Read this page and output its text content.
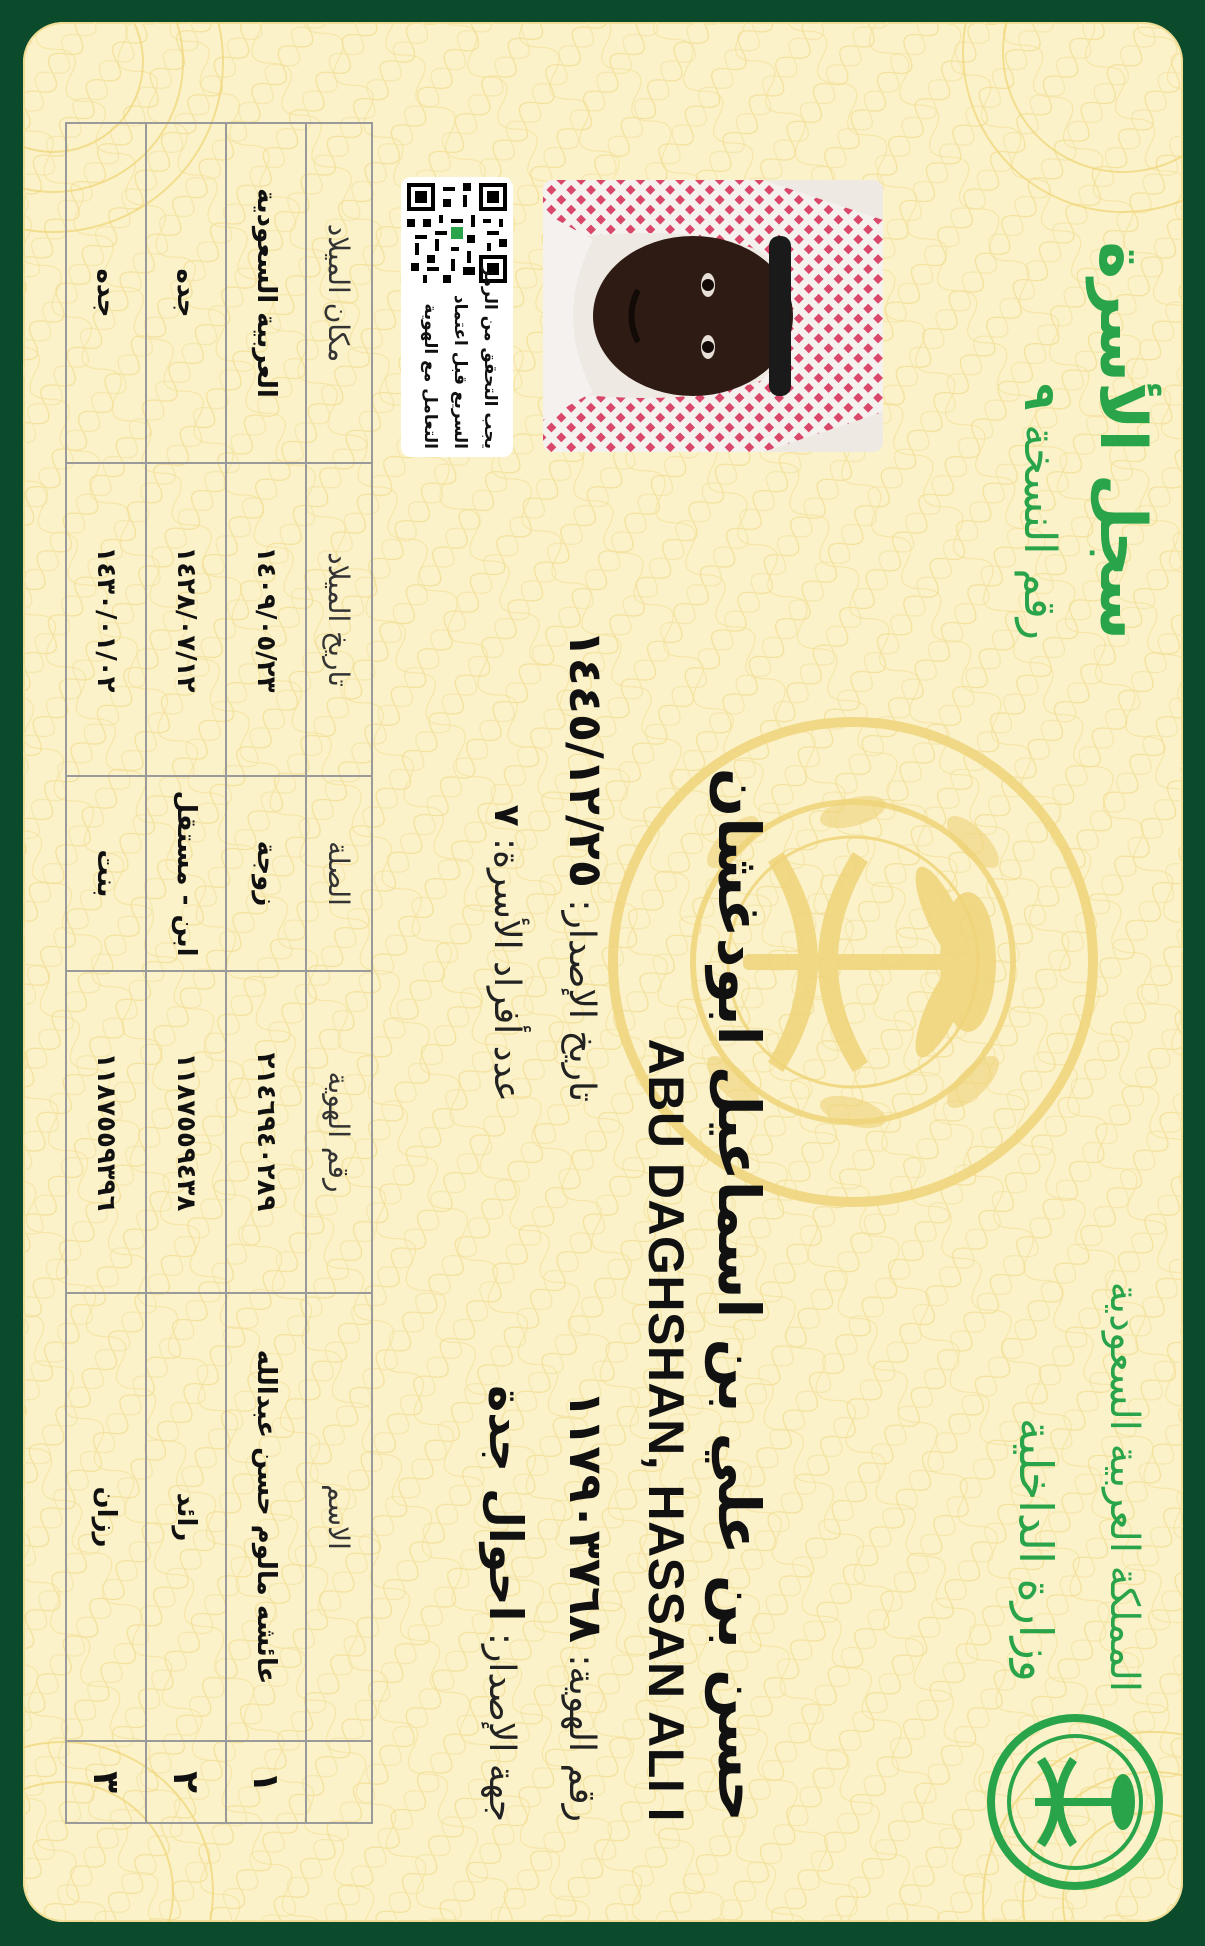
سجل الأسرة
رقم النسخة ٩
وزارة الداخلية المملكة العربية السعودية
يجب التحقق من الرمز
السريع قبل اعتماد
التعامل مع الهوية
حسن بن علي بن اسماعيل ابودغشان
ABU DAGHSHAN, HASSAN ALI I
رقم الهوية: ١١٧٩٠٣٧٦٨
تاريخ الإصدار: ١٤٤٥/١٢/٢٥
جهة الإصدار: احوال جدة
عدد أفراد الأسرة: ٧
	الاسم	رقم الهوية	الصلة	تاريخ الميلاد	مكان الميلاد
١	عائشه مالوم حسن عبدالله	٢١٤٦٩٤٠٢٨٩	زوجة	١٤٠٩/٠٥/٢٣	العربية السعودية
٢	رائد	١١٨٧٥٥٩٤٣٨	ابن - مستقل	١٤٢٨/٠٧/١٢	جده
٣	رزان	١١٨٧٥٥٩٣٩٦	بنت	١٤٣٠/٠١/٠٢	جده
